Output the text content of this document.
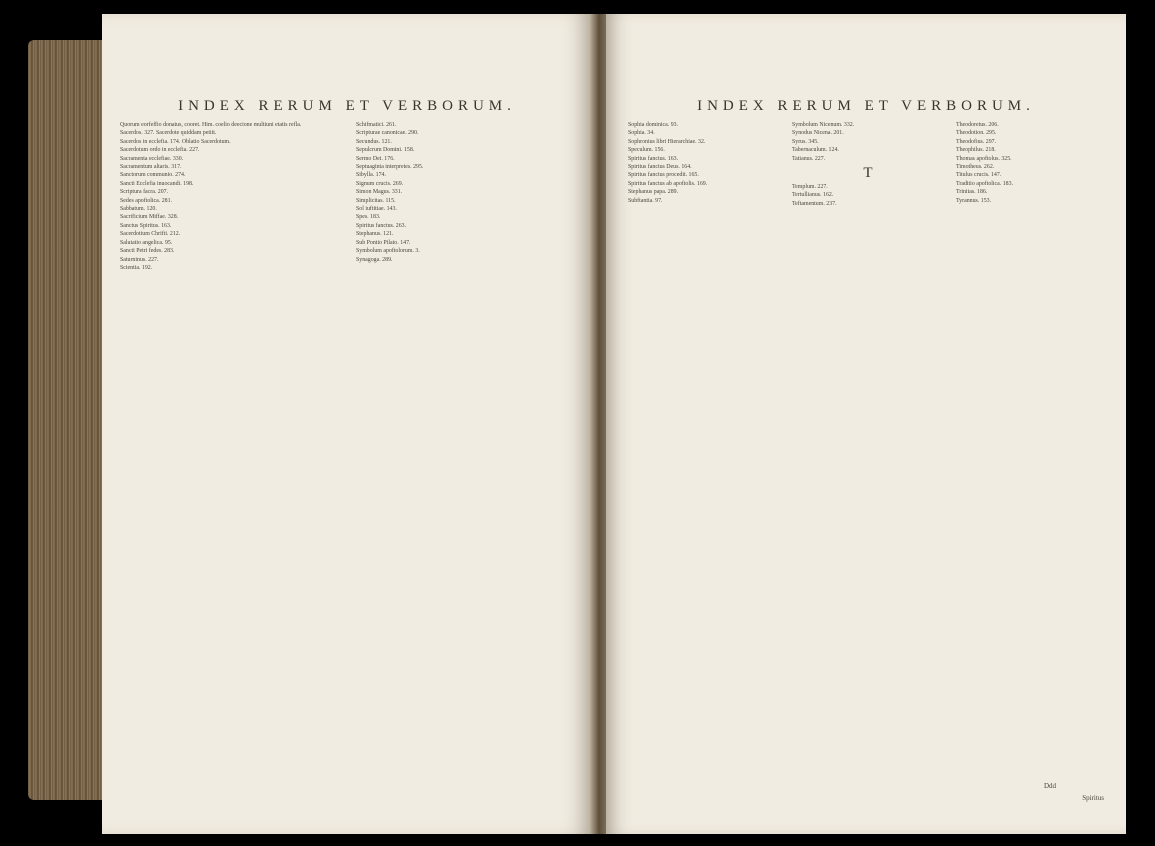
INDEX RERUM ET VERBORUM.
Quorum eorfeffio donatus, cooret. Him. coelio deecione multiuni etatis refla.
Sacerdos. 327. Sacerdote quiddam petiit.
Sacerdos in ecclefia. 174. Oblatio Sacerdotum.
Sacerdotum ordo in ecclefia. 227.
Sacramenta ecclefiae. 330.
Sacramentum altaris. 317.
Sanctorum communio. 274.
Sancti Ecclefia inuocandi. 198.
Scriptura facra. 207.
Sedes apoftolica. 281.
Sabbatum. 120.
Sacrificium Miffae. 328.
Sanctus Spiritus. 163.
Sacerdotium Chrifti. 212.
Salutatio angelica. 95.
Sancti Petri fedes. 283.
Saturninus. 227.
Scientia. 192.
Schifmatici. 261.
Scripturae canonicae. 290.
Secundus. 121.
Sepulcrum Domini. 158.
Sermo Dei. 176.
Septuaginta interpretes. 295.
Sibylla. 174.
Signum crucis. 269.
Simon Magus. 331.
Simplicitas. 115.
Sol iuftitiae. 143.
Spes. 183.
Spiritus fanctus. 263.
Stephanus. 121.
Sub Pontio Pilato. 147.
Symbolum apoftolorum. 3.
Synagoga. 289.
INDEX RERUM ET VERBORUM.
Sophia dominica. 93.
Sophia. 34.
Sophronius libri Hierarchiae. 32.
Speculum. 156.
Spiritus fanctus. 163.
Spiritus fanctus Deus. 164.
Spiritus fanctus procedit. 165.
Spiritus fanctus ab apoftolis. 169.
Stephanus papa. 289.
Subftantia. 97.
Symbolum Nicenum. 332.
Synodus Nicena. 201.
Syrus. 345.
Tabernaculum. 124.
Tatianus. 227.
T
Templum. 227.
Tertullianus. 162.
Teftamentum. 237.
Theodoretus. 206.
Theodotion. 295.
Theodofius. 297.
Theophilus. 218.
Thomas apoftolus. 325.
Timotheus. 262.
Titulus crucis. 147.
Traditio apoftolica. 183.
Trinitas. 186.
Tyrannus. 153.
Spiritus
Ddd
